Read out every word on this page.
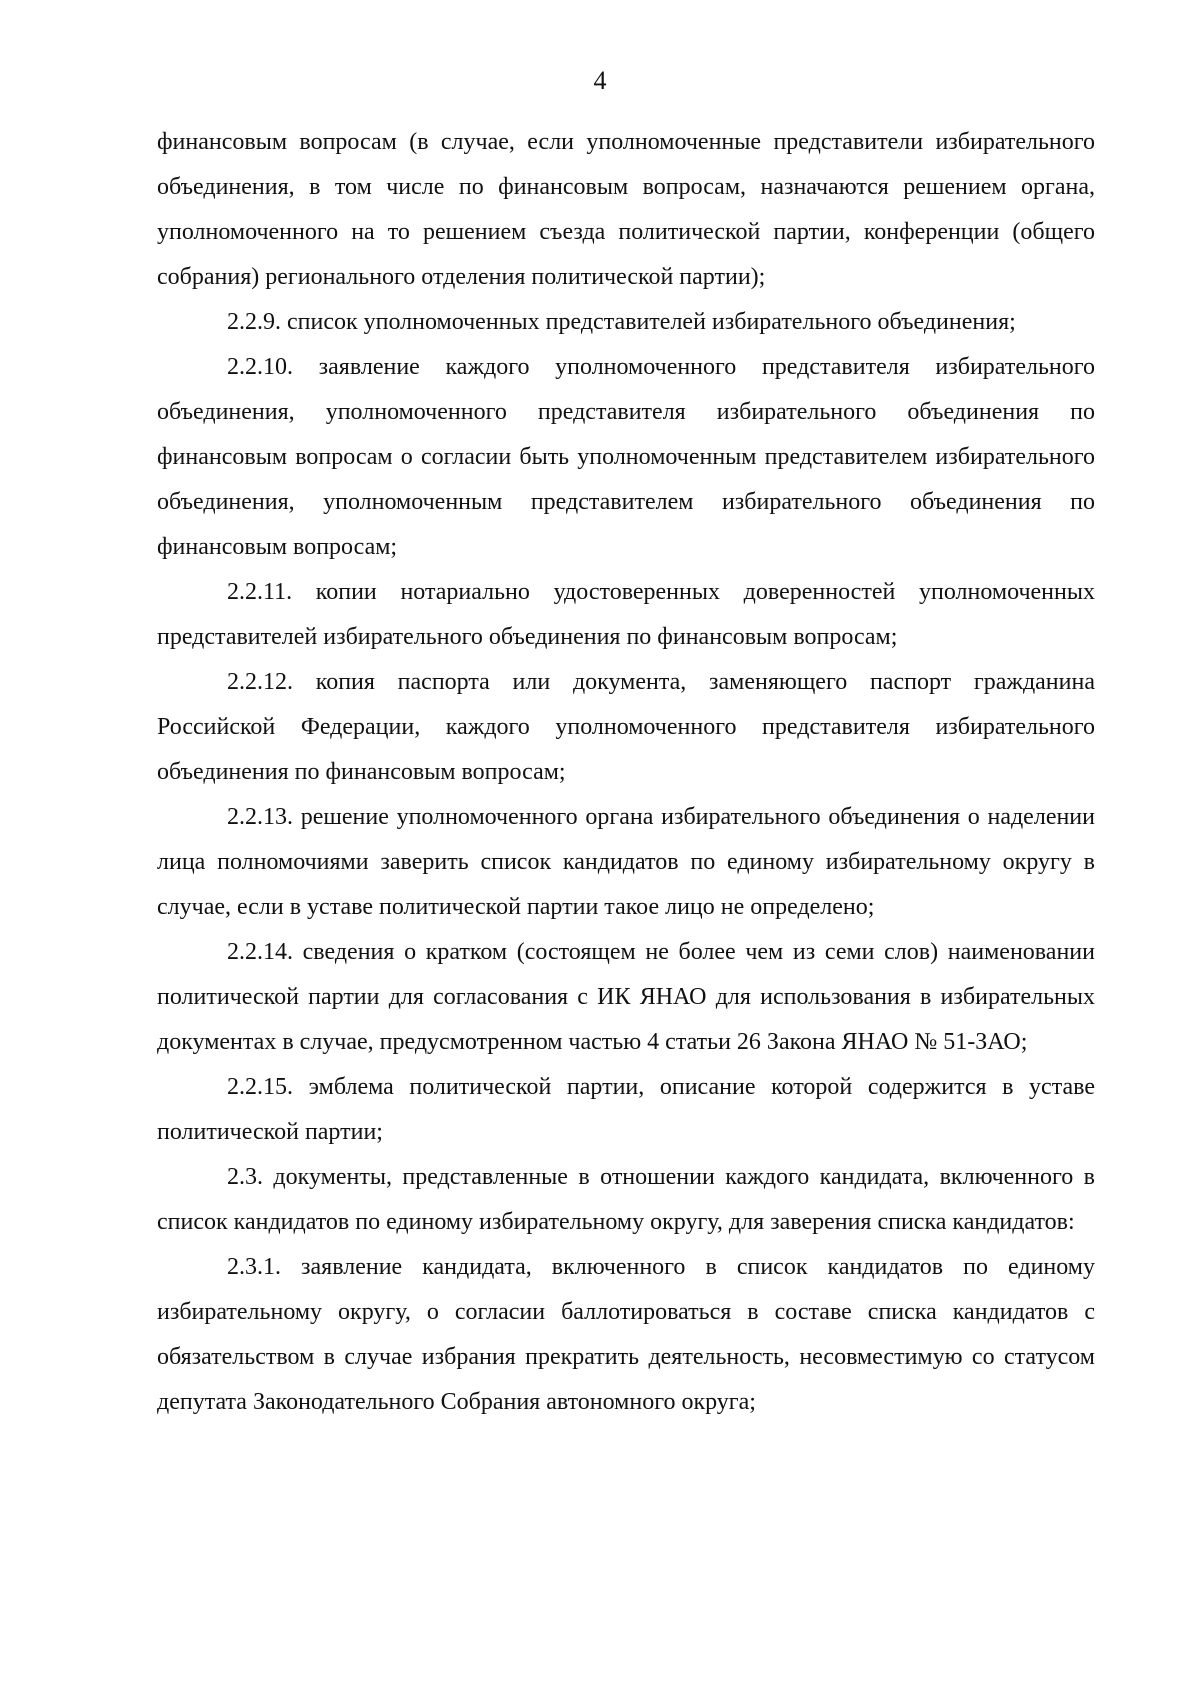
4

финансовым вопросам (в случае, если уполномоченные представители избирательного объединения, в том числе по финансовым вопросам, назначаются решением органа, уполномоченного на то решением съезда политической партии, конференции (общего собрания) регионального отделения политической партии);

2.2.9. список уполномоченных представителей избирательного объединения;

2.2.10. заявление каждого уполномоченного представителя избирательного объединения, уполномоченного представителя избирательного объединения по финансовым вопросам о согласии быть уполномоченным представителем избирательного объединения, уполномоченным представителем избирательного объединения по финансовым вопросам;

2.2.11. копии нотариально удостоверенных доверенностей уполномоченных представителей избирательного объединения по финансовым вопросам;

2.2.12. копия паспорта или документа, заменяющего паспорт гражданина Российской Федерации, каждого уполномоченного представителя избирательного объединения по финансовым вопросам;

2.2.13. решение уполномоченного органа избирательного объединения о наделении лица полномочиями заверить список кандидатов по единому избирательному округу в случае, если в уставе политической партии такое лицо не определено;

2.2.14. сведения о кратком (состоящем не более чем из семи слов) наименовании политической партии для согласования с ИК ЯНАО для использования в избирательных документах в случае, предусмотренном частью 4 статьи 26 Закона ЯНАО № 51-ЗАО;

2.2.15. эмблема политической партии, описание которой содержится в уставе политической партии;

2.3. документы, представленные в отношении каждого кандидата, включенного в список кандидатов по единому избирательному округу, для заверения списка кандидатов:

2.3.1. заявление кандидата, включенного в список кандидатов по единому избирательному округу, о согласии баллотироваться в составе списка кандидатов с обязательством в случае избрания прекратить деятельность, несовместимую со статусом депутата Законодательного Собрания автономного округа;
